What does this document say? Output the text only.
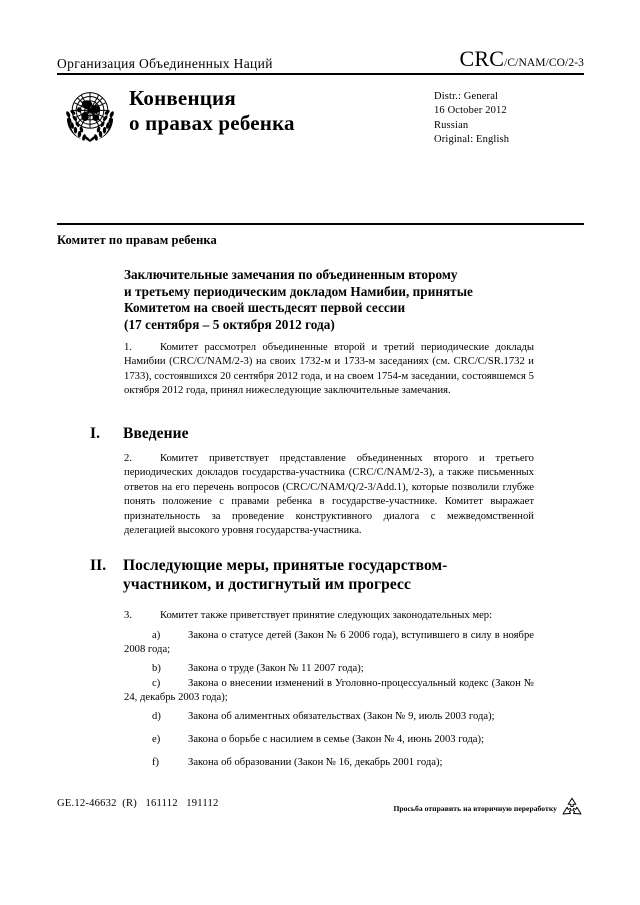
Организация Объединенных Наций	CRC/C/NAM/CO/2-3
Конвенция
о правах ребенка
Distr.: General
16 October 2012
Russian
Original: English
Комитет по правам ребенка
Заключительные замечания по объединенным второму
и третьему периодическим докладом Намибии, принятые
Комитетом на своей шестьдесят первой сессии
(17 сентября – 5 октября 2012 года)
1.	Комитет рассмотрел объединенные второй и третий периодические доклады Намибии (CRC/C/NAM/2-3) на своих 1732-м и 1733-м заседаниях (см. CRC/C/SR.1732 и 1733), состоявшихся 20 сентября 2012 года, и на своем 1754-м заседании, состоявшемся 5 октября 2012 года, принял нижеследующие заключительные замечания.
I.	Введение
2.	Комитет приветствует представление объединенных второго и третьего периодических докладов государства-участника (CRC/C/NAM/2-3), а также письменных ответов на его перечень вопросов (CRC/C/NAM/Q/2-3/Add.1), которые позволили глубже понять положение с правами ребенка в государстве-участнике. Комитет выражает признательность за проведение конструктивного диалога с межведомственной делегацией высокого уровня государства-участника.
II.	Последующие меры, принятые государством-
участником, и достигнутый им прогресс
3.	Комитет также приветствует принятие следующих законодательных мер:
a)	Закона о статусе детей (Закон № 6 2006 года), вступившего в силу в ноябре 2008 года;
b)	Закона о труде (Закон № 11 2007 года);
c)	Закона о внесении изменений в Уголовно-процессуальный кодекс (Закон № 24, декабрь 2003 года);
d)	Закона об алиментных обязательствах (Закон № 9, июль 2003 года);
e)	Закона о борьбе с насилием в семье (Закон № 4, июнь 2003 года);
f)	Закона об образовании (Закон № 16, декабрь 2001 года);
GE.12-46632  (R)   161112   191112	Просьба отправить на вторичную переработку
